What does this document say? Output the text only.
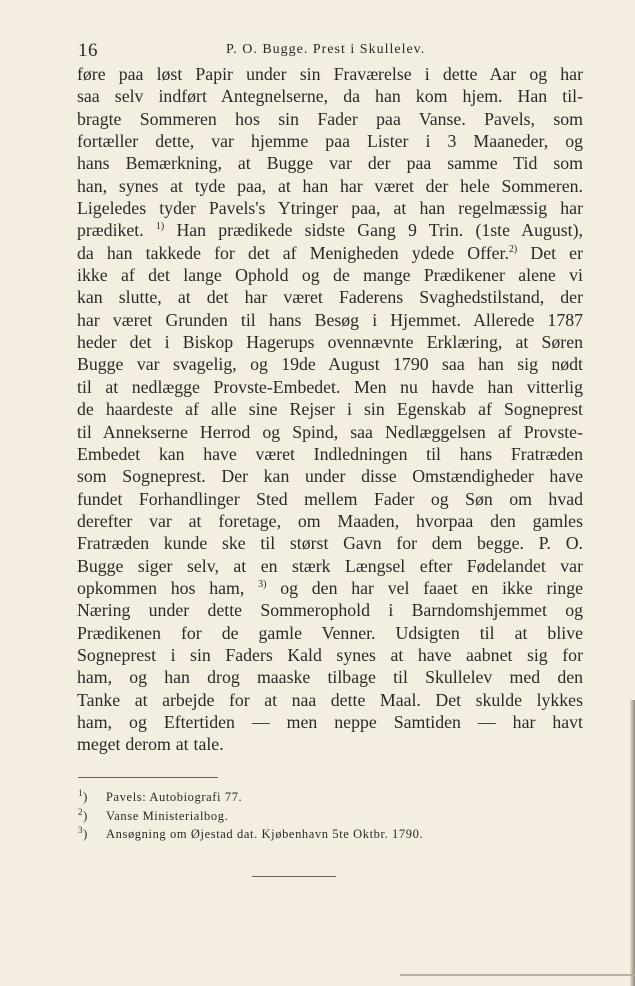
16	P. O. Bugge. Prest i Skullelev.
føre paa løst Papir under sin Fraværelse i dette Aar og har
saa selv indført Antegnelserne, da han kom hjem. Han til-
bragte Sommeren hos sin Fader paa Vanse. Pavels, som
fortæller dette, var hjemme paa Lister i 3 Maaneder, og
hans Bemærkning, at Bugge var der paa samme Tid som
han, synes at tyde paa, at han har været der hele Sommeren.
Ligeledes tyder Pavels's Ytringer paa, at han regelmæssig har
prædiket. $^{1)}$ Han prædikede sidste Gang 9 Trin. (1ste August),
da han takkede for det af Menigheden ydede Offer.$^{2)}$ Det er
ikke af det lange Ophold og de mange Prædikener alene vi
kan slutte, at det har været Faderens Svaghedstilstand, der
har været Grunden til hans Besøg i Hjemmet. Allerede 1787
heder det i Biskop Hagerups ovennævnte Erklæring, at Søren
Bugge var svagelig, og 19de August 1790 saa han sig nødt
til at nedlægge Provste-Embedet. Men nu havde han vitterlig
de haardeste af alle sine Rejser i sin Egenskab af Sogneprest
til Annekserne Herrod og Spind, saa Nedlæggelsen af Provste-
Embedet kan have været Indledningen til hans Fratræden
som Sogneprest. Der kan under disse Omstændigheder have
fundet Forhandlinger Sted mellem Fader og Søn om hvad
derefter var at foretage, om Maaden, hvorpaa den gamles
Fratræden kunde ske til størst Gavn for dem begge. P. O.
Bugge siger selv, at en stærk Længsel efter Fødelandet var
opkommen hos ham, $^{3)}$ og den har vel faaet en ikke ringe
Næring under dette Sommerophold i Barndomshjemmet og
Prædikenen for de gamle Venner. Udsigten til at blive
Sogneprest i sin Faders Kald synes at have aabnet sig for
ham, og han drog maaske tilbage til Skullelev med den
Tanke at arbejde for at naa dette Maal. Det skulde lykkes
ham, og Eftertiden — men neppe Samtiden — har havt
meget derom at tale.
$^1$) Pavels: Autobiografi 77.
$^2$) Vanse Ministerialbog.
$^3$) Ansøgning om Øjestad dat. Kjøbenhavn 5te Oktbr. 1790.
